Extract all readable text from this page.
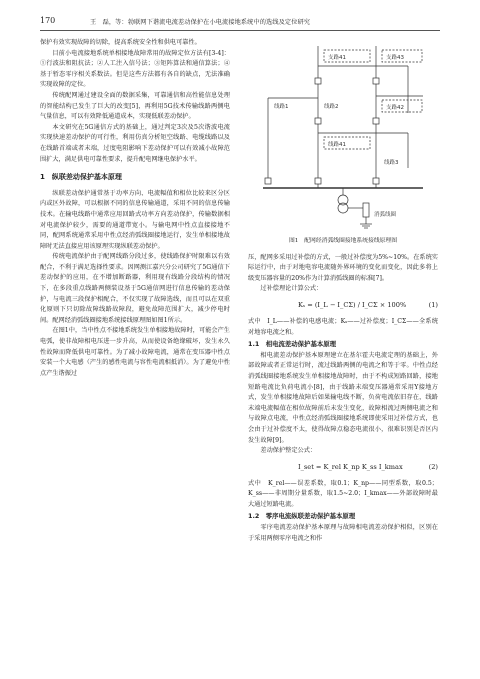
170	王　磊，等：勃联网下谐流电流差动保护在小电流接地系统中的选线及定位研究

保护有效实现故障的切除，提高系统安全性和供电可靠性。

目前小电流接地系统单相接地故障常用的故障定位方法有[3-4]：①行波法和阻抗法；②人工注入信号法；③矩阵算法和通信算法；④基于暂态零序相关系数法。但是这些方法都有各自的缺点，无法准确实现故障的定位。

传统配网通过建设全面的数据采集，可靠通信和高性能信息处理的智能结构已发生了巨大的改变[5]，再利用5G技术传输线路两侧电气量信息，可以有效降低通道成本，实现低联差动保护。

本文研究在5G通信方式的基础上，通过判定3次及5次谐波电流实现快速差动保护的可行性，利用仿真分析矩空线路、电缆线路以及在线路首端或者末端，过度电阻影响下差动保护可以有效减小故障范围扩大，满足供电可靠性要求，提升配电网继电保护水平。

1　纵联差动保护基本原理

纵联差动保护通常基于功率方向、电流幅值和相位比较来区分区内或区外故障，可以根据不同的信息传输通道，采用不同的信息传输技术。在输电线路中通常应用回路式功率方向差动保护，传输数据相对电流保护较少，需要的通道带宽小。与输电网中性点直接接地不同，配网系统通常采用中性点经消弧线圈接地运行，发生单相接地故障时无法直接应用该原理实现纵联差动保护。

传统电流保护由于配网线路分段过多，使线路保护时限难以有效配合，不利于满足选择性要求。因网测江嘉兴分公司研究了5G通信下差动保护的应用，在不增加断路器，利用现有线路分段结构的情况下，在多段重点线路两侧装设基于5G通信网进行信息传输的差动保护，与电流三段保护相配合，不仅实现了故障选线，而且可以在双重化原则下只切除故障线路故障段，避免故障范围扩大，减少停电时间。配网经消弧线圈接地系统接线原理图如图1所示。

在图1中，当中性点不接地系统发生单相接地故障时，可能会产生电弧，使非故障相电压进一步升高，从而使设备绝缘破坏，发生永久性故障而降低供电可靠性。为了减小故障电流，通常在变压器中性点安装一个大电感（产生的感性电流与容性电流相抵消）。为了避免中性点产生谐振过

支路41	支路43
支路42
线路41
线路1
线路3
线路2
消弧线圈
图1　配网经消弧线圈接地系统接线原理图

压，配网多采用过补偿的方式，一般过补偿度为5%~10%。在系统实际运行中，由于对地电容电流随外界环境的变化而变化，因此多将上级变压器容量的20%作为计算消弧线圈的标准[7]。

过补偿理论计算公式：

Kₛ = (I_L − I_CΣ) / I_CΣ × 100%	(1)

式中　I_L——补偿的电感电流；Kₛ——过补偿度；I_CΣ——全系统对地容电流之和。

1.1　相电流差动保护基本原理

相电流差动保护基本原理建立在基尔霍夫电流定理的基础上，外部故障或者正常运行时，流过线路两侧的电流之和等于零。中性点经消弧线圈接地系统发生单相接地故障时，由于不构成短路回路，接地短路电流比负荷电流小[8]，由于线路末端变压器通常采用Y接地方式，发生单相接地故障后如果输电线不断，负荷电流依旧存在，线路末端电流幅值在相位故障前后未发生变化，故障相流过两侧电流之和与故障点电流，中性点经消弧线圈接地系统即使采用过补偿方式，也会由于过补偿度不太，使得故障点稳态电流很小，很难识别是否区内发生故障[9]。

差动保护整定公式：

I_set = K_rel K_np K_ss I_kmax	(2)

式中　K_rel——误差系数，取0.1；K_np——同型系数，取0.5；K_ss——非周期分量系数，取1.5~2.0；I_kmax——外部故障时最大通过短路电流。

1.2　零序电流纵联差动保护基本原理

零序电流差动保护基本原理与故障相电流差动保护相似，区别在于采用两侧零序电流之和作
